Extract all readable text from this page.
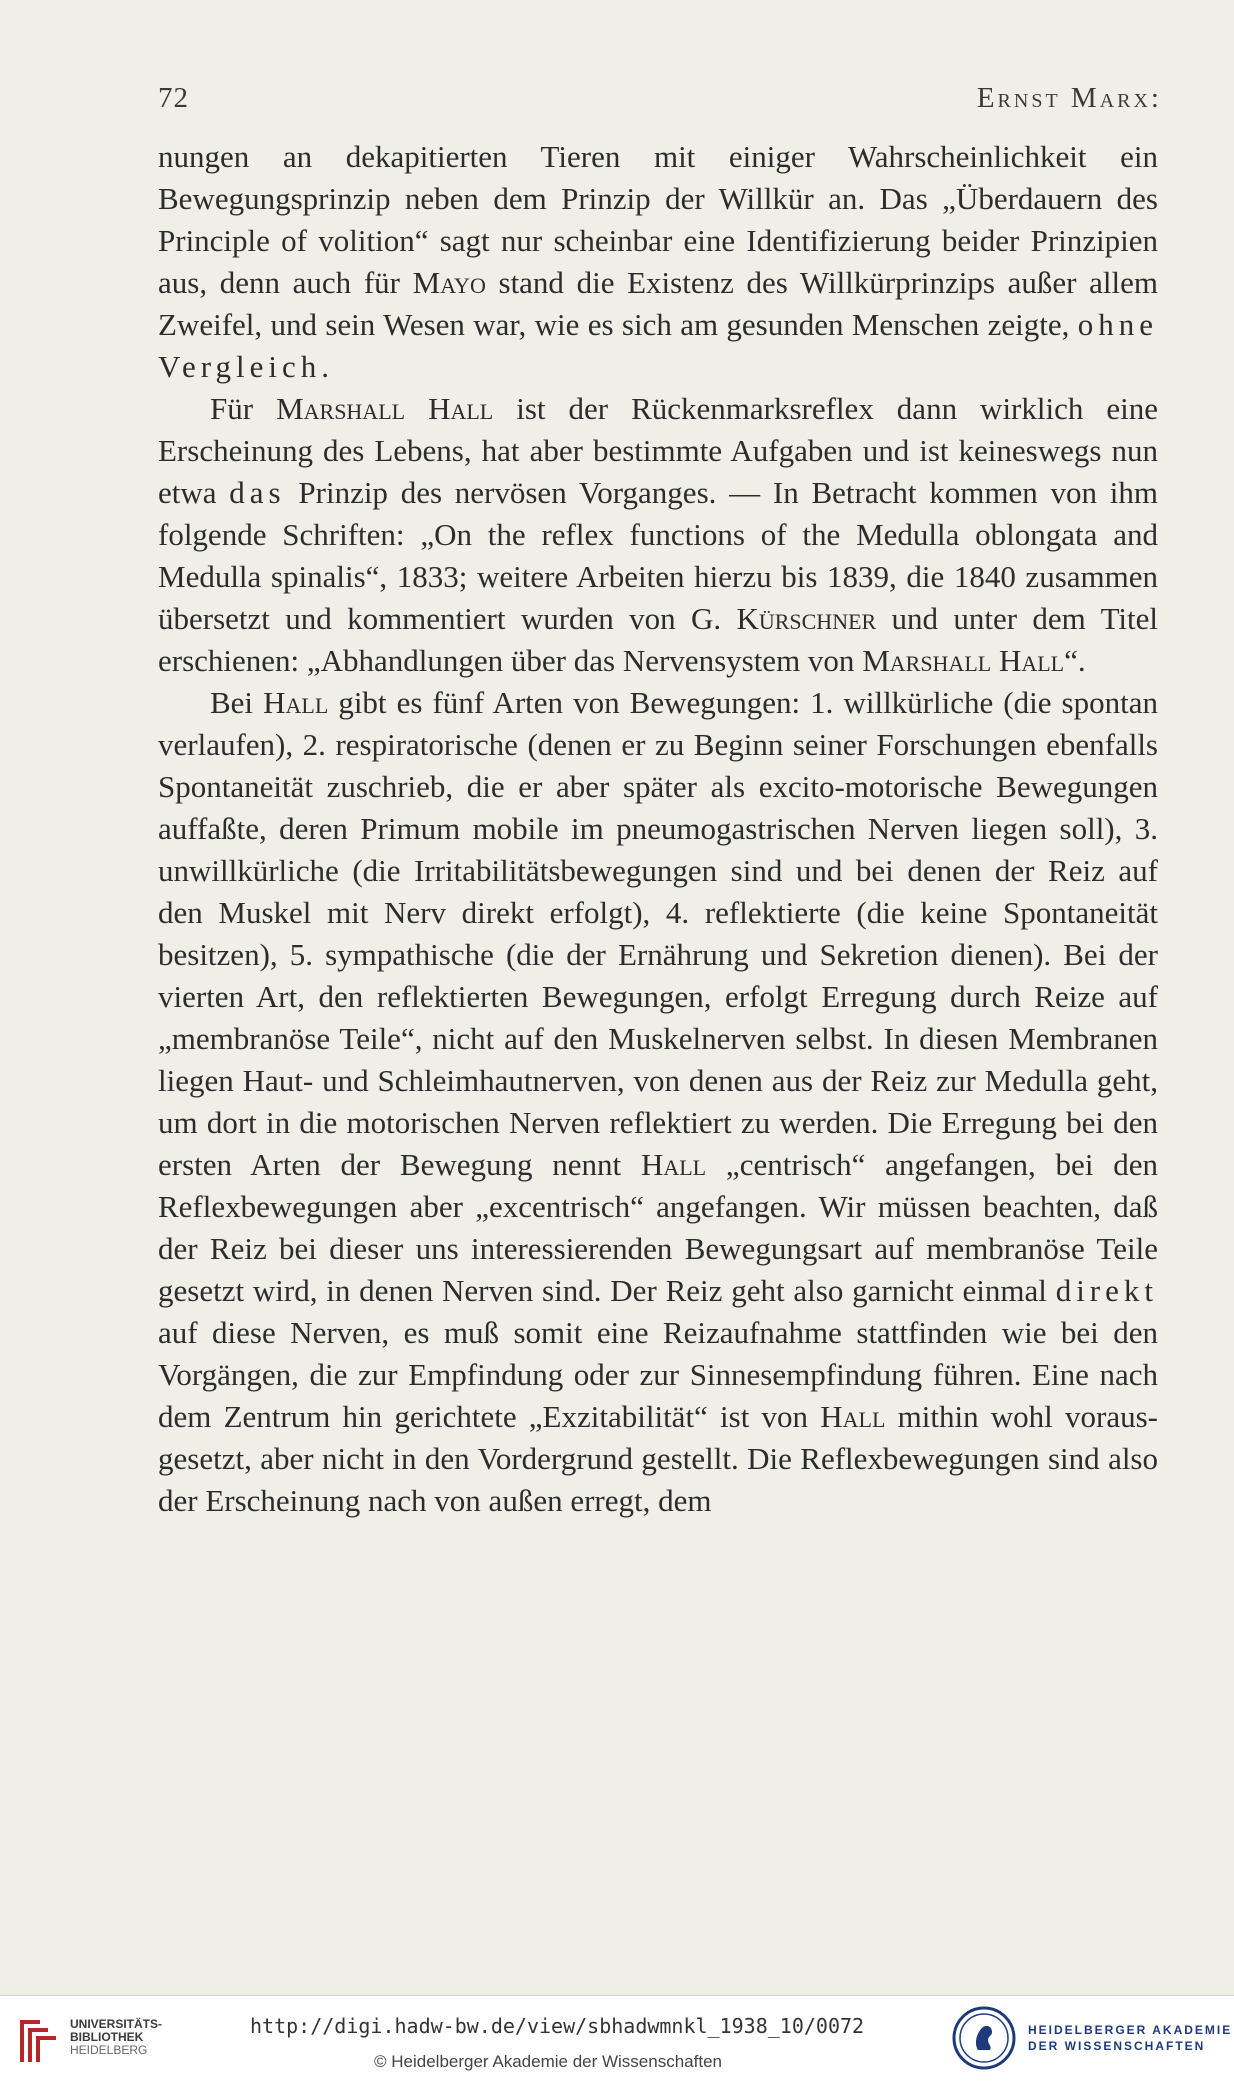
72	Ernst Marx:

nungen an dekapitierten Tieren mit einiger Wahrscheinlichkeit ein Bewegungsprinzip neben dem Prinzip der Willkür an. Das „Überdauern des Principle of volition“ sagt nur scheinbar eine Identifizierung beider Prinzipien aus, denn auch für Mayo stand die Existenz des Willkürprinzips außer allem Zweifel, und sein Wesen war, wie es sich am gesunden Menschen zeigte, ohne Vergleich.

Für Marshall Hall ist der Rückenmarksreflex dann wirklich eine Erscheinung des Lebens, hat aber bestimmte Aufgaben und ist keineswegs nun etwa das Prinzip des nervösen Vorganges. — In Betracht kommen von ihm folgende Schriften: „On the reflex functions of the Medulla oblongata and Medulla spinalis“, 1833; weitere Arbeiten hierzu bis 1839, die 1840 zusammen übersetzt und kommentiert wurden von G. Kürschner und unter dem Titel erschienen: „Abhandlungen über das Nervensystem von Marshall Hall“.

Bei Hall gibt es fünf Arten von Bewegungen: 1. willkürliche (die spontan verlaufen), 2. respiratorische (denen er zu Beginn seiner Forschungen ebenfalls Spontaneität zuschrieb, die er aber später als excito-motorische Bewegungen auffaßte, deren Primum mobile im pneumogastrischen Nerven liegen soll), 3. unwillkürliche (die Irritabilitätsbewegungen sind und bei denen der Reiz auf den Muskel mit Nerv direkt erfolgt), 4. reflektierte (die keine Spontaneität besitzen), 5. sympathische (die der Ernährung und Sekretion dienen). Bei der vierten Art, den reflektierten Bewegungen, erfolgt Erregung durch Reize auf „membranöse Teile“, nicht auf den Muskelnerven selbst. In diesen Membranen liegen Haut- und Schleimhautnerven, von denen aus der Reiz zur Medulla geht, um dort in die motorischen Nerven reflektiert zu werden. Die Erregung bei den ersten Arten der Bewegung nennt Hall „centrisch“ angefangen, bei den Reflexbewegungen aber „excentrisch“ angefangen. Wir müssen beachten, daß der Reiz bei dieser uns interessierenden Bewegungsart auf membranöse Teile gesetzt wird, in denen Nerven sind. Der Reiz geht also garnicht einmal direkt auf diese Nerven, es muß somit eine Reizaufnahme stattfinden wie bei den Vorgängen, die zur Empfindung oder zur Sinnesempfindung führen. Eine nach dem Zentrum hin gerichtete „Exzitabilität“ ist von Hall mithin wohl vorausgesetzt, aber nicht in den Vordergrund gestellt. Die Reflexbewegungen sind also der Erscheinung nach von außen erregt, dem

UNIVERSITÄTS-
BIBLIOTHEK
HEIDELBERG
http://digi.hadw-bw.de/view/sbhadwmnkl_1938_10/0072
© Heidelberger Akademie der Wissenschaften
HEIDELBERGER AKADEMIE
DER WISSENSCHAFTEN
